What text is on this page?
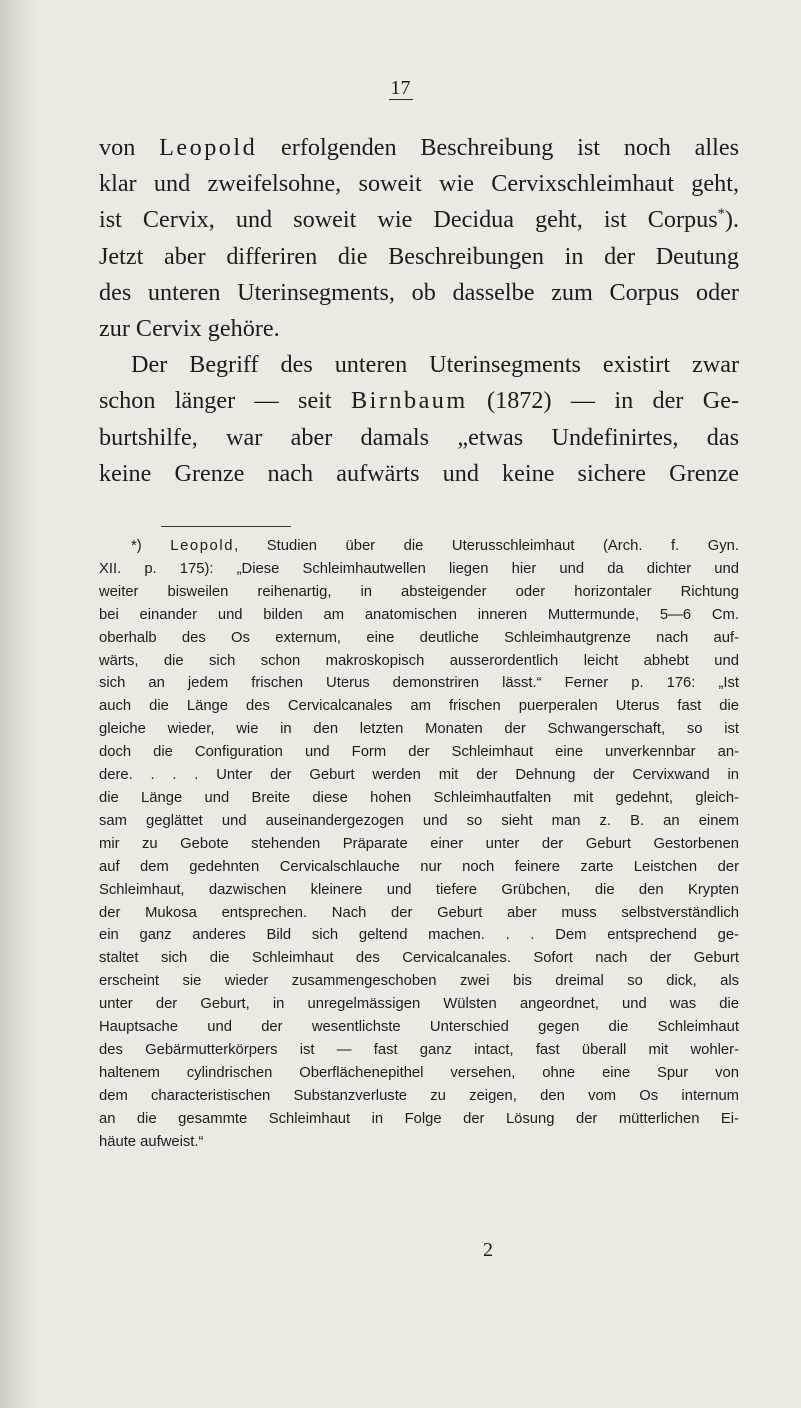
17

von Leopold erfolgenden Beschreibung ist noch alles

klar und zweifelsohne, soweit wie Cervixschleimhaut geht,

ist Cervix, und soweit wie Decidua geht, ist Corpus*).

Jetzt aber differiren die Beschreibungen in der Deutung

des unteren Uterinsegments, ob dasselbe zum Corpus oder

zur Cervix gehöre.

Der Begriff des unteren Uterinsegments existirt zwar

schon länger — seit Birnbaum (1872) — in der Ge-

burtshilfe, war aber damals „etwas Undefinirtes, das

keine Grenze nach aufwärts und keine sichere Grenze

*) Leopold, Studien über die Uterusschleimhaut (Arch. f. Gyn.

XII. p. 175): „Diese Schleimhautwellen liegen hier und da dichter und

weiter bisweilen reihenartig, in absteigender oder horizontaler Richtung

bei einander und bilden am anatomischen inneren Muttermunde, 5—6 Cm.

oberhalb des Os externum, eine deutliche Schleimhautgrenze nach auf-

wärts, die sich schon makroskopisch ausserordentlich leicht abhebt und

sich an jedem frischen Uterus demonstriren lässt.“ Ferner p. 176: „Ist

auch die Länge des Cervicalcanales am frischen puerperalen Uterus fast die

gleiche wieder, wie in den letzten Monaten der Schwangerschaft, so ist

doch die Configuration und Form der Schleimhaut eine unverkennbar an-

dere. . . . Unter der Geburt werden mit der Dehnung der Cervixwand in

die Länge und Breite diese hohen Schleimhautfalten mit gedehnt, gleich-

sam geglättet und auseinandergezogen und so sieht man z. B. an einem

mir zu Gebote stehenden Präparate einer unter der Geburt Gestorbenen

auf dem gedehnten Cervicalschlauche nur noch feinere zarte Leistchen der

Schleimhaut, dazwischen kleinere und tiefere Grübchen, die den Krypten

der Mukosa entsprechen. Nach der Geburt aber muss selbstverständlich

ein ganz anderes Bild sich geltend machen. . . Dem entsprechend ge-

staltet sich die Schleimhaut des Cervicalcanales. Sofort nach der Geburt

erscheint sie wieder zusammengeschoben zwei bis dreimal so dick, als

unter der Geburt, in unregelmässigen Wülsten angeordnet, und was die

Hauptsache und der wesentlichste Unterschied gegen die Schleimhaut

des Gebärmutterkörpers ist — fast ganz intact, fast überall mit wohler-

haltenem cylindrischen Oberflächenepithel versehen, ohne eine Spur von

dem characteristischen Substanzverluste zu zeigen, den vom Os internum

an die gesammte Schleimhaut in Folge der Lösung der mütterlichen Ei-

häute aufweist.“

2
